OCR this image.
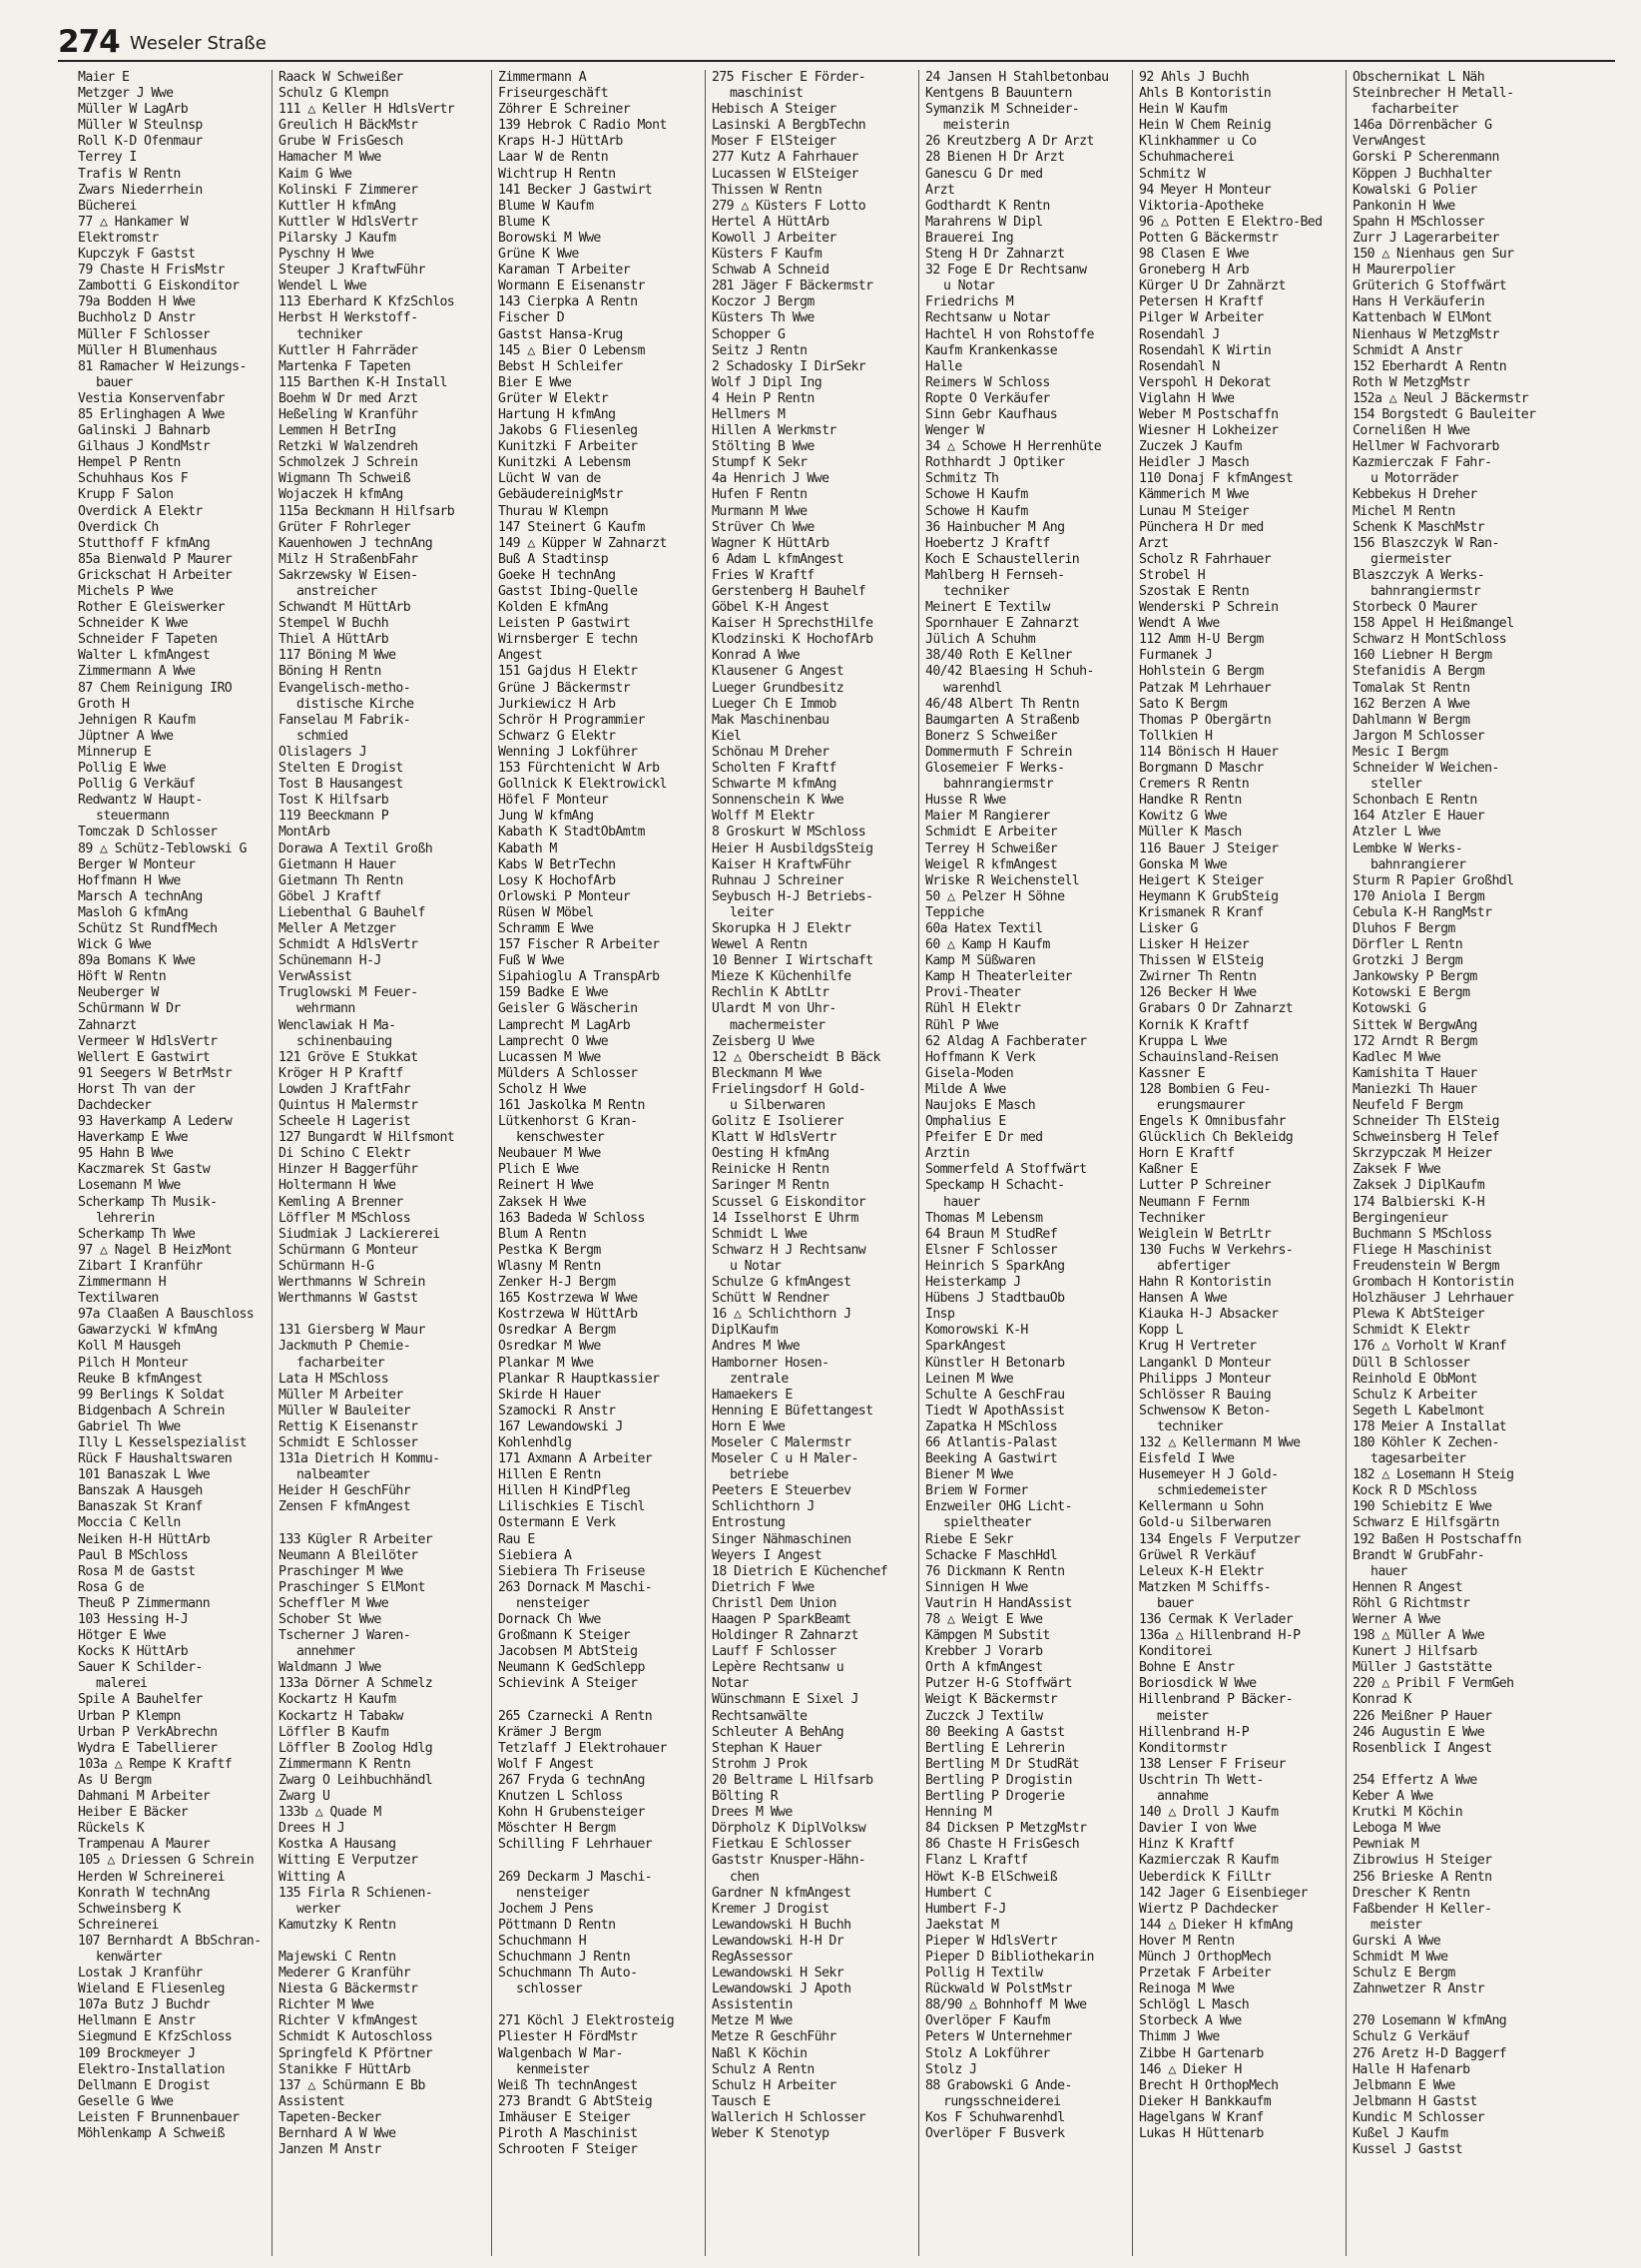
274 Weseler Straße
Maier E
Metzger J Wwe
Müller W LagArb
Müller W Steulnsp
Roll K-D Ofenmaur
Terrey I
Trafis W Rentn
Zwars Niederrhein
Bücherei
77 △ Hankamer W
Elektromstr
Kupczyk F Gastst
79 Chaste H FrisMstr
Zambotti G Eiskonditor
79a Bodden H Wwe
Buchholz D Anstr
Müller F Schlosser
Müller H Blumenhaus
81 Ramacher W Heizungs-
bauer
Vestia Konservenfabr
85 Erlinghagen A Wwe
Galinski J Bahnarb
Gilhaus J KondMstr
Hempel P Rentn
Schuhhaus Kos F
Krupp F Salon
Overdick A Elektr
Overdick Ch
Stutthoff F kfmAng
85a Bienwald P Maurer
Grickschat H Arbeiter
Michels P Wwe
Rother E Gleiswerker
Schneider K Wwe
Schneider F Tapeten
Walter L kfmAngest
Zimmermann A Wwe
87 Chem Reinigung IRO
Groth H
Jehnigen R Kaufm
Jüptner A Wwe
Minnerup E
Pollig E Wwe
Pollig G Verkäuf
Redwantz W Haupt-
steuermann
Tomczak D Schlosser
89 △ Schütz-Teblowski G
Berger W Monteur
Hoffmann H Wwe
Marsch A technAng
Masloh G kfmAng
Schütz St RundfMech
Wick G Wwe
89a Bomans K Wwe
Höft W Rentn
Neuberger W
Schürmann W Dr
Zahnarzt
Vermeer W HdlsVertr
Wellert E Gastwirt
91 Seegers W BetrMstr
Horst Th van der
Dachdecker
93 Haverkamp A Lederw
Haverkamp E Wwe
95 Hahn B Wwe
Kaczmarek St Gastw
Losemann M Wwe
Scherkamp Th Musik-
lehrerin
Scherkamp Th Wwe
97 △ Nagel B HeizMont
Zibart I Kranführ
Zimmermann H
Textilwaren
97a Claaßen A Bauschloss
Gawarzycki W kfmAng
Koll M Hausgeh
Pilch H Monteur
Reuke B kfmAngest
99 Berlings K Soldat
Bidgenbach A Schrein
Gabriel Th Wwe
Illy L Kesselspezialist
Rück F Haushaltswaren
101 Banaszak L Wwe
Banszak A Hausgeh
Banaszak St Kranf
Moccia C Kelln
Neiken H-H HüttArb
Paul B MSchloss
Rosa M de Gastst
Rosa G de
Theuß P Zimmermann
103 Hessing H-J
Hötger E Wwe
Kocks K HüttArb
Sauer K Schilder-
malerei
Spile A Bauhelfer
Urban P Klempn
Urban P VerkAbrechn
Wydra E Tabellierer
103a △ Rempe K Kraftf
As U Bergm
Dahmani M Arbeiter
Heiber E Bäcker
Rückels K
Trampenau A Maurer
105 △ Driessen G Schrein
Herden W Schreinerei
Konrath W technAng
Schweinsberg K
Schreinerei
107 Bernhardt A BbSchran-
kenwärter
Lostak J Kranführ
Wieland E Fliesenleg
107a Butz J Buchdr
Hellmann E Anstr
Siegmund E KfzSchloss
109 Brockmeyer J
Elektro-Installation
Dellmann E Drogist
Geselle G Wwe
Leisten F Brunnenbauer
Möhlenkamp A Schweiß
Raack W Schweißer
Schulz G Klempn
111 △ Keller H HdlsVertr
Greulich H BäckMstr
Grube W FrisGesch
Hamacher M Wwe
Kaim G Wwe
Kolinski F Zimmerer
Kuttler H kfmAng
Kuttler W HdlsVertr
Pilarsky J Kaufm
Pyschny H Wwe
Steuper J KraftwFühr
Wendel L Wwe
113 Eberhard K KfzSchlos
Herbst H Werkstoff-
techniker
Kuttler H Fahrräder
Martenka F Tapeten
115 Barthen K-H Install
Boehm W Dr med Arzt
Heßeling W Kranführ
Lemmen H BetrIng
Retzki W Walzendreh
Schmolzek J Schrein
Wigmann Th Schweiß
Wojaczek H kfmAng
115a Beckmann H Hilfsarb
Grüter F Rohrleger
Kauenhowen J technAng
Milz H StraßenbFahr
Sakrzewsky W Eisen-
anstreicher
Schwandt M HüttArb
Stempel W Buchh
Thiel A HüttArb
117 Böning M Wwe
Böning H Rentn
Evangelisch-metho-
distische Kirche
Fanselau M Fabrik-
schmied
Olislagers J
Stelten E Drogist
Tost B Hausangest
Tost K Hilfsarb
119 Beeckmann P
MontArb
Dorawa A Textil Großh
Gietmann H Hauer
Gietmann Th Rentn
Göbel J Kraftf
Liebenthal G Bauhelf
Meller A Metzger
Schmidt A HdlsVertr
Schünemann H-J
VerwAssist
Truglowski M Feuer-
wehrmann
Wenclawiak H Ma-
schinenbauing
121 Gröve E Stukkat
Kröger H P Kraftf
Lowden J KraftFahr
Quintus H Malermstr
Scheele H Lagerist
127 Bungardt W Hilfsmont
Di Schino C Elektr
Hinzer H Baggerführ
Holtermann H Wwe
Kemling A Brenner
Löffler M MSchloss
Siudmiak J Lackiererei
Schürmann G Monteur
Schürmann H-G
Werthmanns W Schrein
Werthmanns W Gastst

131 Giersberg W Maur
Jackmuth P Chemie-
facharbeiter
Lata H MSchloss
Müller M Arbeiter
Müller W Bauleiter
Rettig K Eisenanstr
Schmidt E Schlosser
131a Dietrich H Kommu-
nalbeamter
Heider H GeschFühr
Zensen F kfmAngest

133 Kügler R Arbeiter
Neumann A Bleilöter
Praschinger M Wwe
Praschinger S ElMont
Scheffler M Wwe
Schober St Wwe
Tscherner J Waren-
annehmer
Waldmann J Wwe
133a Dörner A Schmelz
Kockartz H Kaufm
Kockartz H Tabakw
Löffler B Kaufm
Löffler B Zoolog Hdlg
Zimmermann K Rentn
Zwarg O Leihbuchhändl
Zwarg U
133b △ Quade M
Drees H J
Kostka A Hausang
Witting E Verputzer
Witting A
135 Firla R Schienen-
werker
Kamutzky K Rentn

Majewski C Rentn
Mederer G Kranführ
Niesta G Bäckermstr
Richter M Wwe
Richter V kfmAngest
Schmidt K Autoschloss
Springfeld K Pförtner
Stanikke F HüttArb
137 △ Schürmann E Bb
Assistent
Tapeten-Becker
Bernhard A W Wwe
Janzen M Anstr
Zimmermann A
Friseurgeschäft
Zöhrer E Schreiner
139 Hebrok C Radio Mont
Kraps H-J HüttArb
Laar W de Rentn
Wichtrup H Rentn
141 Becker J Gastwirt
Blume W Kaufm
Blume K
Borowski M Wwe
Grüne K Wwe
Karaman T Arbeiter
Wormann E Eisenanstr
143 Cierpka A Rentn
Fischer D
Gastst Hansa-Krug
145 △ Bier O Lebensm
Bebst H Schleifer
Bier E Wwe
Grüter W Elektr
Hartung H kfmAng
Jakobs G Fliesenleg
Kunitzki F Arbeiter
Kunitzki A Lebensm
Lücht W van de
GebäudereinigMstr
Thurau W Klempn
147 Steinert G Kaufm
149 △ Küpper W Zahnarzt
Buß A Stadtinsp
Goeke H technAng
Gastst Ibing-Quelle
Kolden E kfmAng
Leisten P Gastwirt
Wirnsberger E techn
Angest
151 Gajdus H Elektr
Grüne J Bäckermstr
Jurkiewicz H Arb
Schrör H Programmier
Schwarz G Elektr
Wenning J Lokführer
153 Fürchtenicht W Arb
Gollnick K Elektrowickl
Höfel F Monteur
Jung W kfmAng
Kabath K StadtObAmtm
Kabath M
Kabs W BetrTechn
Losy K HochofArb
Orlowski P Monteur
Rüsen W Möbel
Schramm E Wwe
157 Fischer R Arbeiter
Fuß W Wwe
Sipahioglu A TranspArb
159 Badke E Wwe
Geisler G Wäscherin
Lamprecht M LagArb
Lamprecht O Wwe
Lucassen M Wwe
Mülders A Schlosser
Scholz H Wwe
161 Jaskolka M Rentn
Lütkenhorst G Kran-
kenschwester
Neubauer M Wwe
Plich E Wwe
Reinert H Wwe
Zaksek H Wwe
163 Badeda W Schloss
Blum A Rentn
Pestka K Bergm
Wlasny M Rentn
Zenker H-J Bergm
165 Kostrzewa W Wwe
Kostrzewa W HüttArb
Osredkar A Bergm
Osredkar M Wwe
Plankar M Wwe
Plankar R Hauptkassier
Skirde H Hauer
Szamocki R Anstr
167 Lewandowski J
Kohlenhdlg
171 Axmann A Arbeiter
Hillen E Rentn
Hillen H KindPfleg
Lilischkies E Tischl
Ostermann E Verk
Rau E
Siebiera A
Siebiera Th Friseuse
263 Dornack M Maschi-
nensteiger
Dornack Ch Wwe
Großmann K Steiger
Jacobsen M AbtSteig
Neumann K GedSchlepp
Schievink A Steiger

265 Czarnecki A Rentn
Krämer J Bergm
Tetzlaff J Elektrohauer
Wolf F Angest
267 Fryda G technAng
Knutzen L Schloss
Kohn H Grubensteiger
Möschter H Bergm
Schilling F Lehrhauer

269 Deckarm J Maschi-
nensteiger
Jochem J Pens
Pöttmann D Rentn
Schuchmann H
Schuchmann J Rentn
Schuchmann Th Auto-
schlosser

271 Köchl J Elektrosteig
Pliester H FördMstr
Walgenbach W Mar-
kenmeister
Weiß Th technAngest
273 Brandt G AbtSteig
Imhäuser E Steiger
Piroth A Maschinist
Schrooten F Steiger
275 Fischer E Förder-
maschinist
Hebisch A Steiger
Lasinski A BergbTechn
Moser F ElSteiger
277 Kutz A Fahrhauer
Lucassen W ElSteiger
Thissen W Rentn
279 △ Küsters F Lotto
Hertel A HüttArb
Kowoll J Arbeiter
Küsters F Kaufm
Schwab A Schneid
281 Jäger F Bäckermstr
Koczor J Bergm
Küsters Th Wwe
Schopper G
Seitz J Rentn
2 Schadosky I DirSekr
Wolf J Dipl Ing
4 Hein P Rentn
Hellmers M
Hillen A Werkmstr
Stölting B Wwe
Stumpf K Sekr
4a Henrich J Wwe
Hufen F Rentn
Murmann M Wwe
Strüver Ch Wwe
Wagner K HüttArb
6 Adam L kfmAngest
Fries W Kraftf
Gerstenberg H Bauhelf
Göbel K-H Angest
Kaiser H SprechstHilfe
Klodzinski K HochofArb
Konrad A Wwe
Klausener G Angest
Lueger Grundbesitz
Lueger Ch E Immob
Mak Maschinenbau
Kiel
Schönau M Dreher
Scholten F Kraftf
Schwarte M kfmAng
Sonnenschein K Wwe
Wolff M Elektr
8 Groskurt W MSchloss
Heier H AusbildgsSteig
Kaiser H KraftwFühr
Ruhnau J Schreiner
Seybusch H-J Betriebs-
leiter
Skorupka H J Elektr
Wewel A Rentn
10 Benner I Wirtschaft
Mieze K Küchenhilfe
Rechlin K AbtLtr
Ulardt M von Uhr-
machermeister
Zeisberg U Wwe
12 △ Oberscheidt B Bäck
Bleckmann M Wwe
Frielingsdorf H Gold-
u Silberwaren
Golitz E Isolierer
Klatt W HdlsVertr
Oesting H kfmAng
Reinicke H Rentn
Saringer M Rentn
Scussel G Eiskonditor
14 Isselhorst E Uhrm
Schmidt L Wwe
Schwarz H J Rechtsanw
u Notar
Schulze G kfmAngest
Schütt W Rendner
16 △ Schlichthorn J
DiplKaufm
Andres M Wwe
Hamborner Hosen-
zentrale
Hamaekers E
Henning E Büfettangest
Horn E Wwe
Moseler C Malermstr
Moseler C u H Maler-
betriebe
Peeters E Steuerbev
Schlichthorn J
Entrostung
Singer Nähmaschinen
Weyers I Angest
18 Dietrich E Küchenchef
Dietrich F Wwe
Christl Dem Union
Haagen P SparkBeamt
Holdinger R Zahnarzt
Lauff F Schlosser
Lepère Rechtsanw u
Notar
Wünschmann E Sixel J
Rechtsanwälte
Schleuter A BehAng
Stephan K Hauer
Strohm J Prok
20 Beltrame L Hilfsarb
Bölting R
Drees M Wwe
Dörpholz K DiplVolksw
Fietkau E Schlosser
Gaststr Knusper-Hähn-
chen
Gardner N kfmAngest
Kremer J Drogist
Lewandowski H Buchh
Lewandowski H-H Dr
RegAssessor
Lewandowski H Sekr
Lewandowski J Apoth
Assistentin
Metze M Wwe
Metze R GeschFühr
Naßl K Köchin
Schulz A Rentn
Schulz H Arbeiter
Tausch E
Wallerich H Schlosser
Weber K Stenotyp
24 Jansen H Stahlbetonbau
Kentgens B Bauuntern
Symanzik M Schneider-
meisterin
26 Kreutzberg A Dr Arzt
28 Bienen H Dr Arzt
Ganescu G Dr med
Arzt
Godthardt K Rentn
Marahrens W Dipl
Brauerei Ing
Steng H Dr Zahnarzt
32 Foge E Dr Rechtsanw
u Notar
Friedrichs M
Rechtsanw u Notar
Hachtel H von Rohstoffe
Kaufm Krankenkasse
Halle
Reimers W Schloss
Ropte O Verkäufer
Sinn Gebr Kaufhaus
Wenger W
34 △ Schowe H Herrenhüte
Rothhardt J Optiker
Schmitz Th
Schowe H Kaufm
Schowe H Kaufm
36 Hainbucher M Ang
Hoebertz J Kraftf
Koch E Schaustellerin
Mahlberg H Fernseh-
techniker
Meinert E Textilw
Spornhauer E Zahnarzt
Jülich A Schuhm
38/40 Roth E Kellner
40/42 Blaesing H Schuh-
warenhdl
46/48 Albert Th Rentn
Baumgarten A Straßenb
Bonerz S Schweißer
Dommermuth F Schrein
Glosemeier F Werks-
bahnrangiermstr
Husse R Wwe
Maier M Rangierer
Schmidt E Arbeiter
Terrey H Schweißer
Weigel R kfmAngest
Wriske R Weichenstell
50 △ Pelzer H Söhne
Teppiche
60a Hatex Textil
60 △ Kamp H Kaufm
Kamp M Süßwaren
Kamp H Theaterleiter
Provi-Theater
Rühl H Elektr
Rühl P Wwe
62 Aldag A Fachberater
Hoffmann K Verk
Gisela-Moden
Milde A Wwe
Naujoks E Masch
Omphalius E
Pfeifer E Dr med
Ärztin
Sommerfeld A Stoffwärt
Speckamp H Schacht-
hauer
Thomas M Lebensm
64 Braun M StudRef
Elsner F Schlosser
Heinrich S SparkAng
Heisterkamp J
Hübens J StadtbauOb
Insp
Komorowski K-H
SparkAngest
Künstler H Betonarb
Leinen M Wwe
Schulte A GeschFrau
Tiedt W ApothAssist
Zapatka H MSchloss
66 Atlantis-Palast
Beeking A Gastwirt
Biener M Wwe
Briem W Former
Enzweiler OHG Licht-
spieltheater
Riebe E Sekr
Schacke F MaschHdl
76 Dickmann K Rentn
Sinnigen H Wwe
Vautrin H HandAssist
78 △ Weigt E Wwe
Kämpgen M Substit
Krebber J Vorarb
Orth A kfmAngest
Putzer H-G Stoffwärt
Weigt K Bäckermstr
Zuczck J Textilw
80 Beeking A Gastst
Bertling E Lehrerin
Bertling M Dr StudRät
Bertling P Drogistin
Bertling P Drogerie
Henning M
84 Dicksen P MetzgMstr
86 Chaste H FrisGesch
Flanz L Kraftf
Höwt K-B ElSchweiß
Humbert C
Humbert F-J
Jaekstat M
Pieper W HdlsVertr
Pieper D Bibliothekarin
Pollig H Textilw
Rückwald W PolstMstr
88/90 △ Bohnhoff M Wwe
Overlöper F Kaufm
Peters W Unternehmer
Stolz A Lokführer
Stolz J
88 Grabowski G Ände-
rungsschneiderei
Kos F Schuhwarenhdl
Overlöper F Busverk
92 Ahls J Buchh
Ahls B Kontoristin
Hein W Kaufm
Hein W Chem Reinig
Klinkhammer u Co
Schuhmacherei
Schmitz W
94 Meyer H Monteur
Viktoria-Apotheke
96 △ Potten E Elektro-Bed
Potten G Bäckermstr
98 Clasen E Wwe
Groneberg H Arb
Kürger U Dr Zahnärzt
Petersen H Kraftf
Pilger W Arbeiter
Rosendahl J
Rosendahl K Wirtin
Rosendahl N
Verspohl H Dekorat
Viglahn H Wwe
Weber M Postschaffn
Wiesner H Lokheizer
Zuczek J Kaufm
Heidler J Masch
110 Donaj F kfmAngest
Kämmerich M Wwe
Lunau M Steiger
Pünchera H Dr med
Arzt
Scholz R Fahrhauer
Strobel H
Szostak E Rentn
Wenderski P Schrein
Wendt A Wwe
112 Amm H-U Bergm
Furmanek J
Hohlstein G Bergm
Patzak M Lehrhauer
Sato K Bergm
Thomas P Obergärtn
Tollkien H
114 Bönisch H Hauer
Borgmann D Maschr
Cremers R Rentn
Handke R Rentn
Kowitz G Wwe
Müller K Masch
116 Bauer J Steiger
Gonska M Wwe
Heigert K Steiger
Heymann K GrubSteig
Krismanek R Kranf
Lisker G
Lisker H Heizer
Thissen W ElSteig
Zwirner Th Rentn
126 Becker H Wwe
Grabars O Dr Zahnarzt
Kornik K Kraftf
Kruppa L Wwe
Schauinsland-Reisen
Kassner E
128 Bombien G Feu-
erungsmaurer
Engels K Omnibusfahr
Glücklich Ch Bekleidg
Horn E Kraftf
Kaßner E
Lutter P Schreiner
Neumann F Fernm
Techniker
Weiglein W BetrLtr
130 Fuchs W Verkehrs-
abfertiger
Hahn R Kontoristin
Hansen A Wwe
Kiauka H-J Absacker
Kopp L
Krug H Vertreter
Langankl D Monteur
Philipps J Monteur
Schlösser R Bauing
Schwensow K Beton-
techniker
132 △ Kellermann M Wwe
Eisfeld I Wwe
Husemeyer H J Gold-
schmiedemeister
Kellermann u Sohn
Gold-u Silberwaren
134 Engels F Verputzer
Grüwel R Verkäuf
Leleux K-H Elektr
Matzken M Schiffs-
bauer
136 Cermak K Verlader
136a △ Hillenbrand H-P
Konditorei
Bohne E Anstr
Boriosdick W Wwe
Hillenbrand P Bäcker-
meister
Hillenbrand H-P
Konditormstr
138 Lenser F Friseur
Uschtrin Th Wett-
annahme
140 △ Droll J Kaufm
Davier I von Wwe
Hinz K Kraftf
Kazmierczak R Kaufm
Ueberdick K FilLtr
142 Jager G Eisenbieger
Wiertz P Dachdecker
144 △ Dieker H kfmAng
Hover M Rentn
Münch J OrthopMech
Przetak F Arbeiter
Reinoga M Wwe
Schlögl L Masch
Storbeck A Wwe
Thimm J Wwe
Zibbe H Gartenarb
146 △ Dieker H
Brecht H OrthopMech
Dieker H Bankkaufm
Hagelgans W Kranf
Lukas H Hüttenarb
Obschernikat L Näh
Steinbrecher H Metall-
facharbeiter
146a Dörrenbächer G
VerwAngest
Gorski P Scherenmann
Köppen J Buchhalter
Kowalski G Polier
Pankonin H Wwe
Spahn H MSchlosser
Zurr J Lagerarbeiter
150 △ Nienhaus gen Sur
H Maurerpolier
Grüterich G Stoffwärt
Hans H Verkäuferin
Kattenbach W ElMont
Nienhaus W MetzgMstr
Schmidt A Anstr
152 Eberhardt A Rentn
Roth W MetzgMstr
152a △ Neul J Bäckermstr
154 Borgstedt G Bauleiter
Cornelißen H Wwe
Hellmer W Fachvorarb
Kazmierczak F Fahr-
u Motorräder
Kebbekus H Dreher
Michel M Rentn
Schenk K MaschMstr
156 Blaszczyk W Ran-
giermeister
Blaszczyk A Werks-
bahnrangiermstr
Storbeck O Maurer
158 Appel H Heißmangel
Schwarz H MontSchloss
160 Liebner H Bergm
Stefanidis A Bergm
Tomalak St Rentn
162 Berzen A Wwe
Dahlmann W Bergm
Jargon M Schlosser
Mesic I Bergm
Schneider W Weichen-
steller
Schonbach E Rentn
164 Atzler E Hauer
Atzler L Wwe
Lembke W Werks-
bahnrangierer
Sturm R Papier Großhdl
170 Aniola I Bergm
Cebula K-H RangMstr
Dluhos F Bergm
Dörfler L Rentn
Grotzki J Bergm
Jankowsky P Bergm
Kotowski E Bergm
Kotowski G
Sittek W BergwAng
172 Arndt R Bergm
Kadlec M Wwe
Kamishita T Hauer
Maniezki Th Hauer
Neufeld F Bergm
Schneider Th ElSteig
Schweinsberg H Telef
Skrzypczak M Heizer
Zaksek F Wwe
Zaksek J DiplKaufm
174 Balbierski K-H
Bergingenieur
Buchmann S MSchloss
Fliege H Maschinist
Freudenstein W Bergm
Grombach H Kontoristin
Holzhäuser J Lehrhauer
Plewa K AbtSteiger
Schmidt K Elektr
176 △ Vorholt W Kranf
Düll B Schlosser
Reinhold E ObMont
Schulz K Arbeiter
Segeth L Kabelmont
178 Meier A Installat
180 Köhler K Zechen-
tagesarbeiter
182 △ Losemann H Steig
Kock R D MSchloss
190 Schiebitz E Wwe
Schwarz E Hilfsgärtn
192 Baßen H Postschaffn
Brandt W GrubFahr-
hauer
Hennen R Angest
Röhl G Richtmstr
Werner A Wwe
198 △ Müller A Wwe
Kunert J Hilfsarb
Müller J Gaststätte
220 △ Pribil F VermGeh
Konrad K
226 Meißner P Hauer
246 Augustin E Wwe
Rosenblick I Angest

254 Effertz A Wwe
Keber A Wwe
Krutki M Köchin
Leboga M Wwe
Pewniak M
Zibrowius H Steiger
256 Brieske A Rentn
Drescher K Rentn
Faßbender H Keller-
meister
Gurski A Wwe
Schmidt M Wwe
Schulz E Bergm
Zahnwetzer R Anstr

270 Losemann W kfmAng
Schulz G Verkäuf
276 Aretz H-D Baggerf
Halle H Hafenarb
Jelbmann E Wwe
Jelbmann H Gastst
Kundic M Schlosser
Kußel J Kaufm
Kussel J Gastst
